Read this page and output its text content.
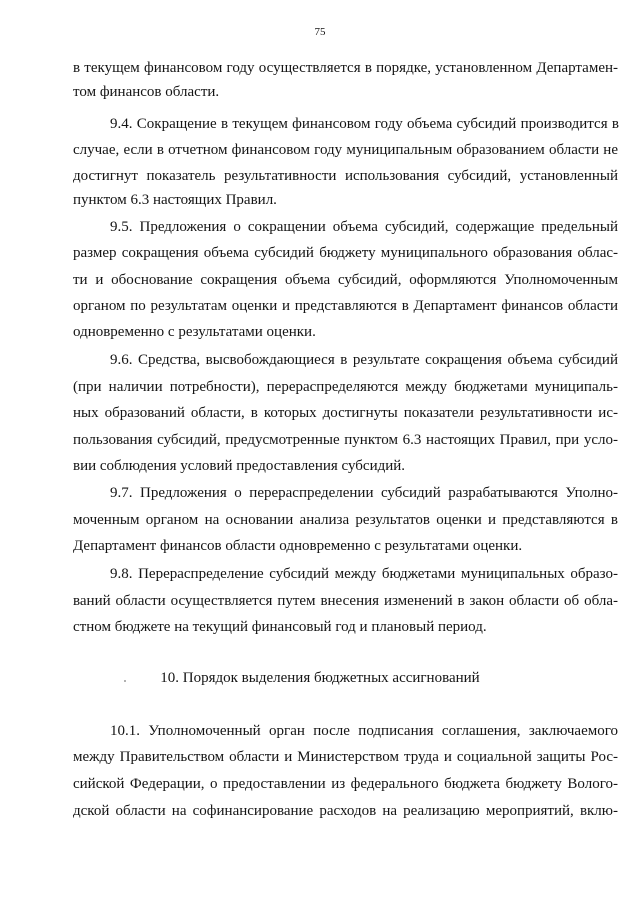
75
в текущем финансовом году осуществляется в порядке, установленном Департамен-
том финансов области.
9.4. Сокращение в текущем финансовом году объема субсидий производится в
случае, если в отчетном финансовом году муниципальным образованием области не
достигнут показатель результативности использования субсидий, установленный
пунктом 6.3 настоящих Правил.
9.5. Предложения о сокращении объема субсидий, содержащие предельный
размер сокращения объема субсидий бюджету муниципального образования облас-
ти и обоснование сокращения объема субсидий, оформляются Уполномоченным
органом по результатам оценки и представляются в Департамент финансов области
одновременно с результатами оценки.
9.6. Средства, высвобождающиеся в результате сокращения объема субсидий
(при наличии потребности), перераспределяются между бюджетами муниципаль-
ных образований области, в которых достигнуты показатели результативности ис-
пользования субсидий, предусмотренные пунктом 6.3 настоящих Правил, при усло-
вии соблюдения условий предоставления субсидий.
9.7. Предложения о перераспределении субсидий разрабатываются Уполно-
моченным органом на основании анализа результатов оценки и представляются в
Департамент финансов области одновременно с результатами оценки.
9.8. Перераспределение субсидий между бюджетами муниципальных образо-
ваний области осуществляется путем внесения изменений в закон области об обла-
стном бюджете на текущий финансовый год и плановый период.
10. Порядок выделения бюджетных ассигнований
10.1. Уполномоченный орган после подписания соглашения, заключаемого
между Правительством области и Министерством труда и социальной защиты Рос-
сийской Федерации, о предоставлении из федерального бюджета бюджету Волого-
дской области на софинансирование расходов на реализацию мероприятий, вклю-
